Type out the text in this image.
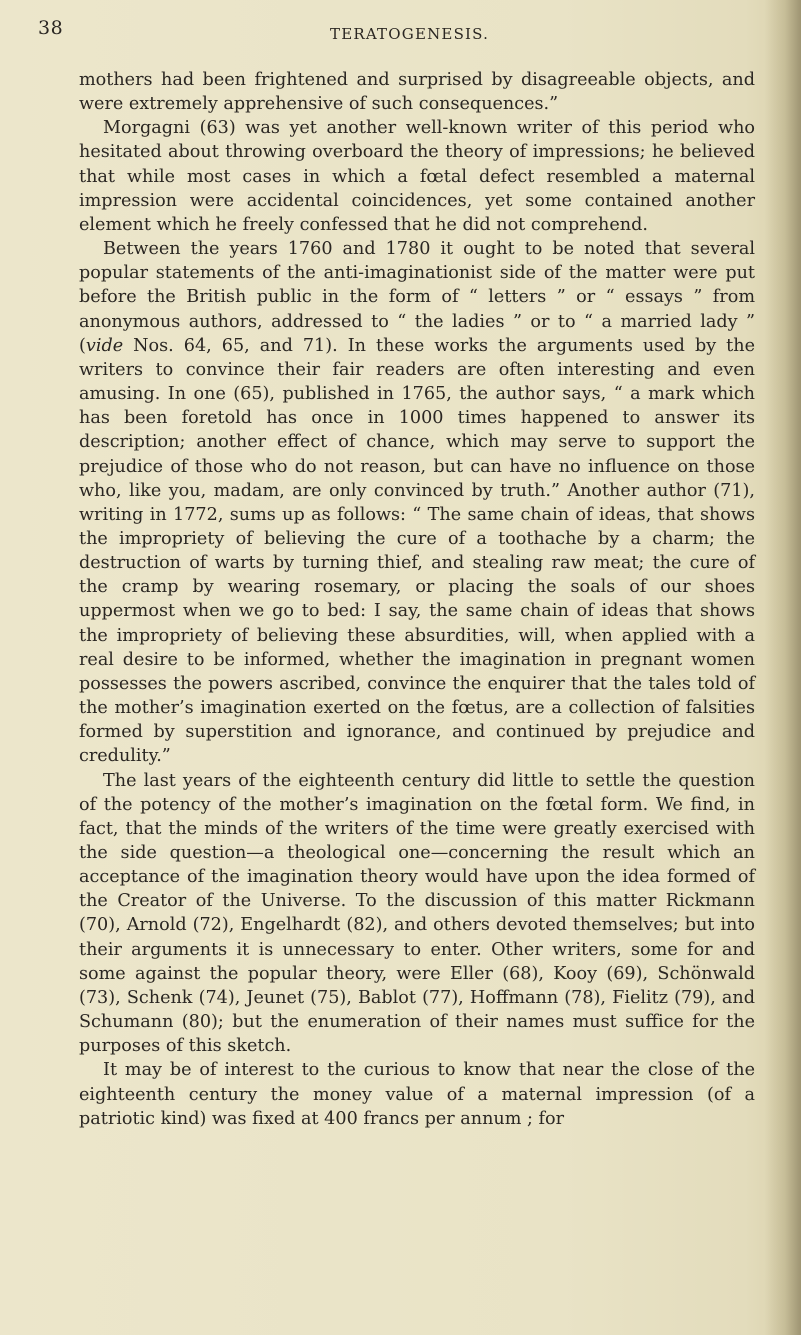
38	TERATOGENESIS.

mothers had been frightened and surprised by disagreeable objects, and were extremely apprehensive of such consequences.”

Morgagni (63) was yet another well-known writer of this period who hesitated about throwing overboard the theory of impressions; he believed that while most cases in which a fœtal defect resembled a maternal impression were accidental coincidences, yet some contained another element which he freely confessed that he did not comprehend.

Between the years 1760 and 1780 it ought to be noted that several popular statements of the anti-imaginationist side of the matter were put before the British public in the form of “ letters ” or “ essays ” from anonymous authors, addressed to “ the ladies ” or to “ a married lady ” (vide Nos. 64, 65, and 71). In these works the arguments used by the writers to convince their fair readers are often interesting and even amusing. In one (65), published in 1765, the author says, “ a mark which has been foretold has once in 1000 times happened to answer its description; another effect of chance, which may serve to support the prejudice of those who do not reason, but can have no influence on those who, like you, madam, are only convinced by truth.” Another author (71), writing in 1772, sums up as follows: “ The same chain of ideas, that shows the impropriety of believing the cure of a toothache by a charm; the destruction of warts by turning thief, and stealing raw meat; the cure of the cramp by wearing rosemary, or placing the soals of our shoes uppermost when we go to bed: I say, the same chain of ideas that shows the impropriety of believing these absurdities, will, when applied with a real desire to be informed, whether the imagination in pregnant women possesses the powers ascribed, convince the enquirer that the tales told of the mother’s imagination exerted on the fœtus, are a collection of falsities formed by superstition and ignorance, and continued by prejudice and credulity.”

The last years of the eighteenth century did little to settle the question of the potency of the mother’s imagination on the fœtal form. We find, in fact, that the minds of the writers of the time were greatly exercised with the side question—a theological one—concerning the result which an acceptance of the imagination theory would have upon the idea formed of the Creator of the Universe. To the discussion of this matter Rickmann (70), Arnold (72), Engelhardt (82), and others devoted themselves; but into their arguments it is unnecessary to enter. Other writers, some for and some against the popular theory, were Eller (68), Kooy (69), Schönwald (73), Schenk (74), Jeunet (75), Bablot (77), Hoffmann (78), Fielitz (79), and Schumann (80); but the enumeration of their names must suffice for the purposes of this sketch.

It may be of interest to the curious to know that near the close of the eighteenth century the money value of a maternal impression (of a patriotic kind) was fixed at 400 francs per annum ; for
